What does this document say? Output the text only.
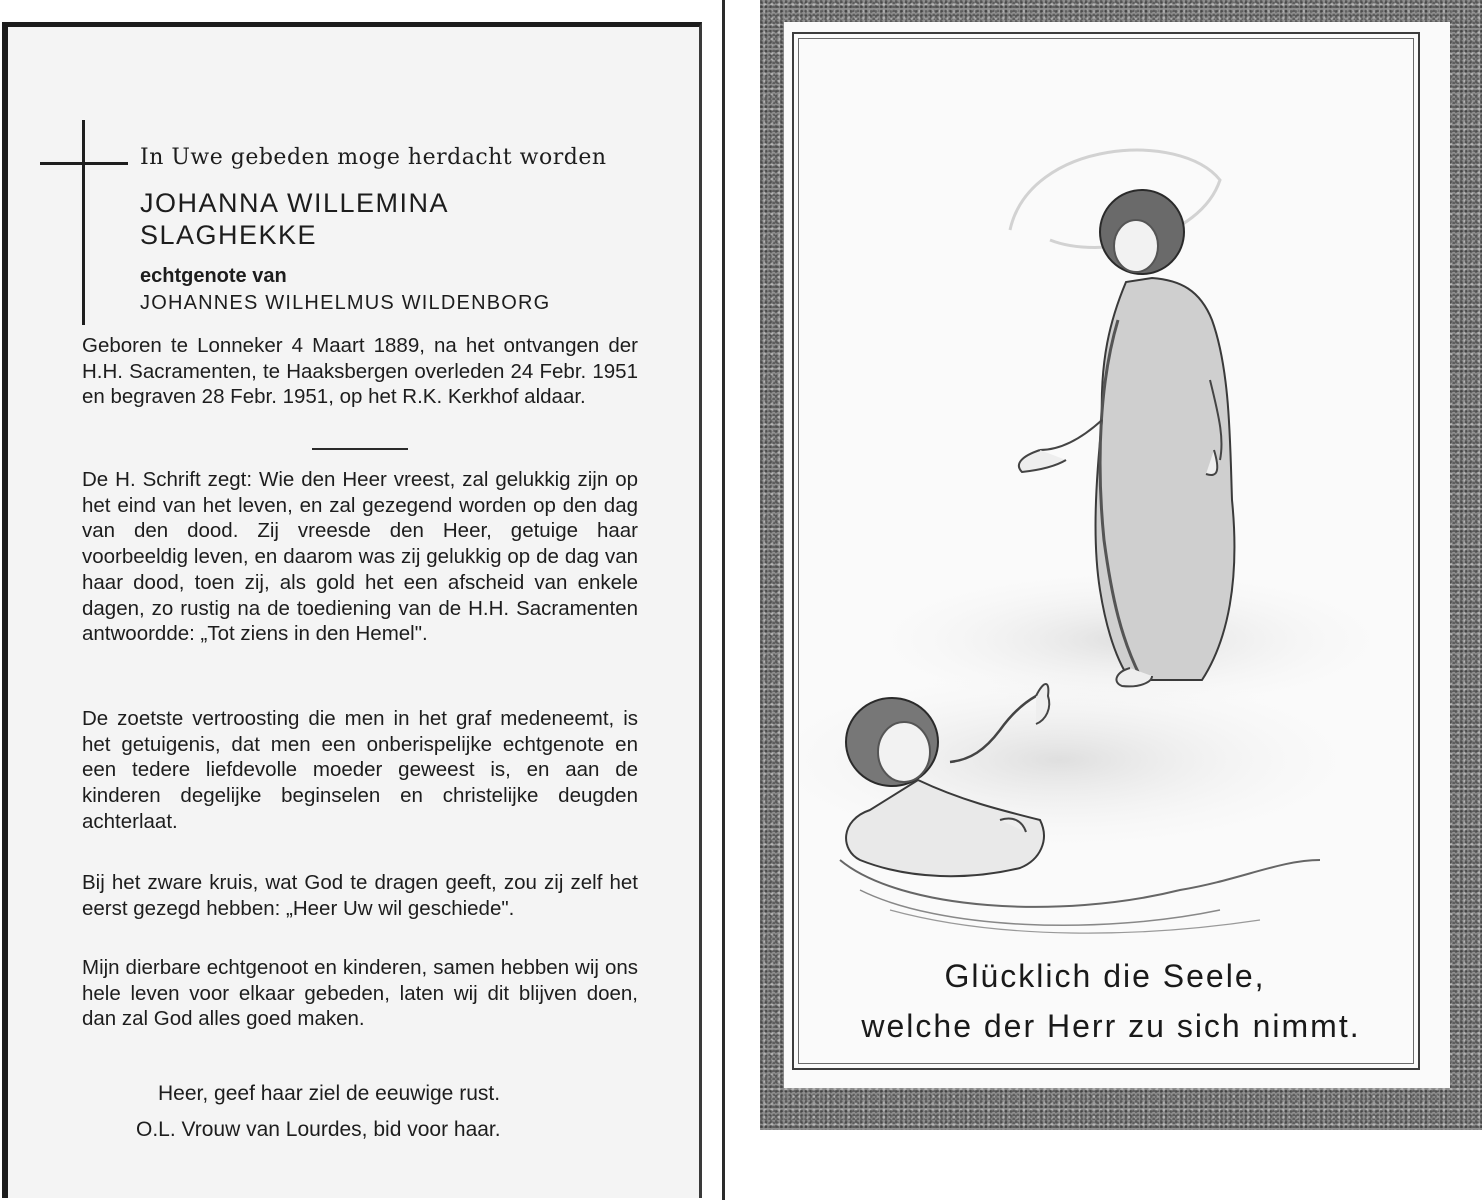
In Uwe gebeden moge herdacht worden
JOHANNA WILLEMINA
SLAGHEKKE
echtgenote van
JOHANNES WILHELMUS WILDENBORG
Geboren te Lonneker 4 Maart 1889, na het ontvangen der H.H. Sacramenten, te Haaksbergen overleden 24 Febr. 1951 en begraven 28 Febr. 1951, op het R.K. Kerkhof aldaar.
De H. Schrift zegt: Wie den Heer vreest, zal gelukkig zijn op het eind van het leven, en zal gezegend worden op den dag van den dood. Zij vreesde den Heer, getuige haar voorbeeldig leven, en daarom was zij gelukkig op de dag van haar dood, toen zij, als gold het een afscheid van enkele dagen, zo rustig na de toediening van de H.H. Sacramenten antwoordde: „Tot ziens in den Hemel".
De zoetste vertroosting die men in het graf medeneemt, is het getuigenis, dat men een onberispelijke echtgenote en een tedere liefdevolle moeder geweest is, en aan de kinderen degelijke beginselen en christelijke deugden achterlaat.
Bij het zware kruis, wat God te dragen geeft, zou zij zelf het eerst gezegd hebben: „Heer Uw wil geschiede".
Mijn dierbare echtgenoot en kinderen, samen hebben wij ons hele leven voor elkaar gebeden, laten wij dit blijven doen, dan zal God alles goed maken.
Heer, geef haar ziel de eeuwige rust.
O.L. Vrouw van Lourdes, bid voor haar.
Glücklich die Seele,
welche der Herr zu sich nimmt.
